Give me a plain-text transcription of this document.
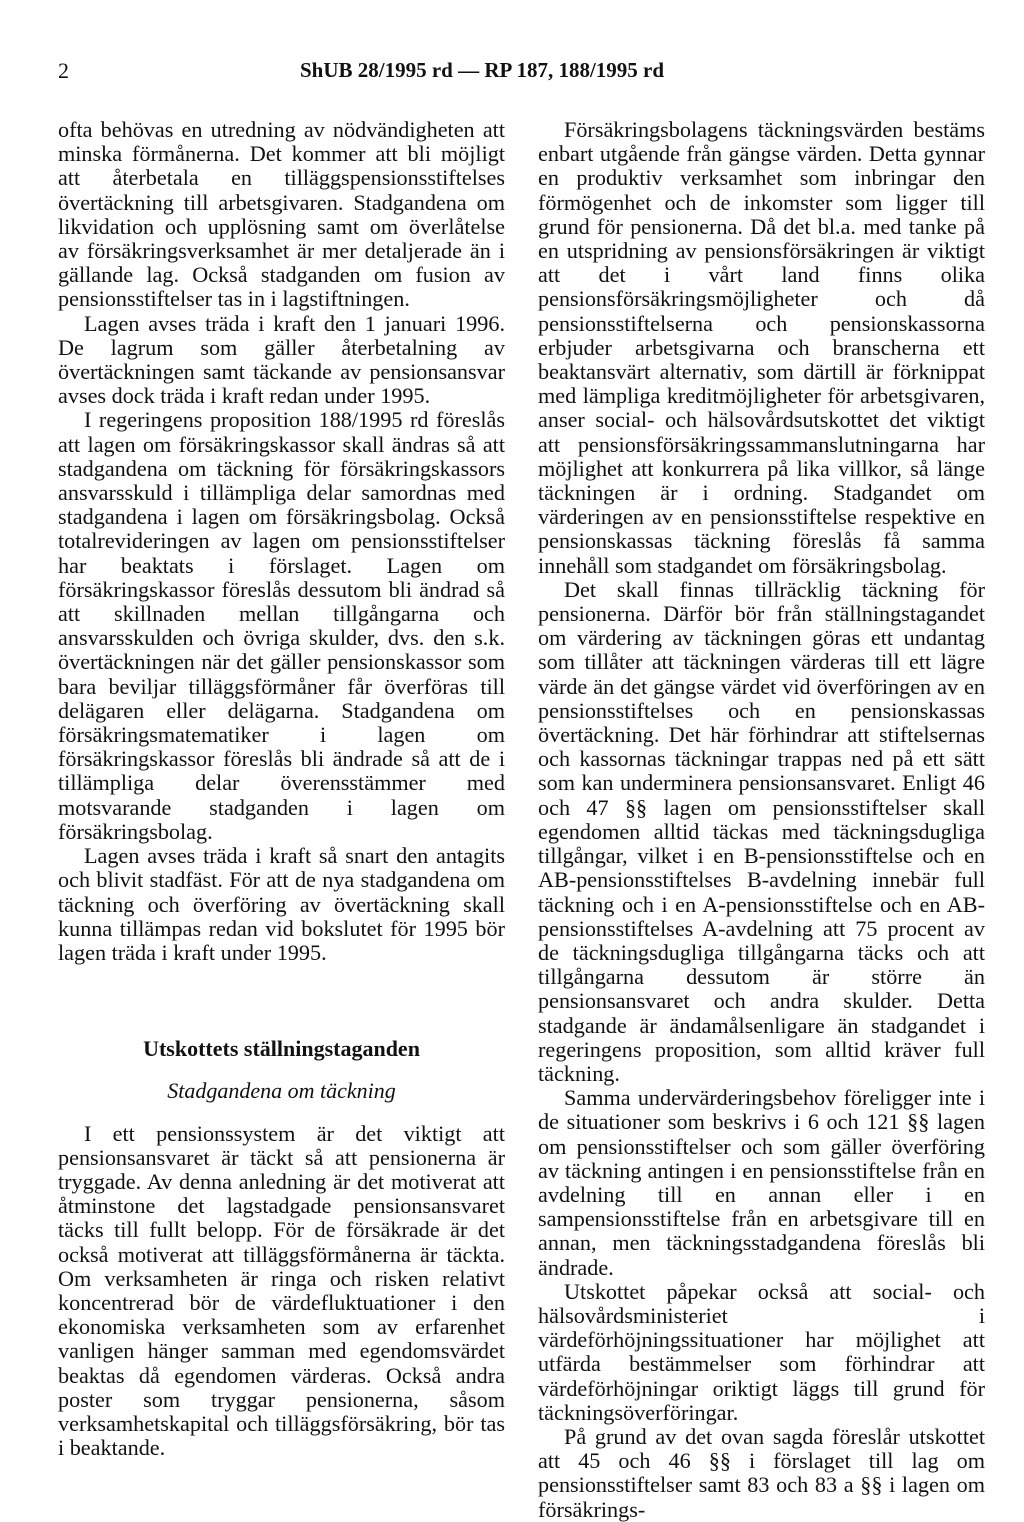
2	ShUB 28/1995 rd — RP 187, 188/1995 rd

ofta behövas en utredning av nödvändigheten att minska förmånerna. Det kommer att bli möjligt att återbetala en tilläggspensionsstiftelses övertäckning till arbetsgivaren. Stadgandena om likvidation och upplösning samt om överlåtelse av försäkringsverksamhet är mer detaljerade än i gällande lag. Också stadganden om fusion av pensionsstiftelser tas in i lagstiftningen.

Lagen avses träda i kraft den 1 januari 1996. De lagrum som gäller återbetalning av övertäckningen samt täckande av pensionsansvar avses dock träda i kraft redan under 1995.

I regeringens proposition 188/1995 rd föreslås att lagen om försäkringskassor skall ändras så att stadgandena om täckning för försäkringskassors ansvarsskuld i tillämpliga delar samordnas med stadgandena i lagen om försäkringsbolag. Också totalrevideringen av lagen om pensionsstiftelser har beaktats i förslaget. Lagen om försäkringskassor föreslås dessutom bli ändrad så att skillnaden mellan tillgångarna och ansvarsskulden och övriga skulder, dvs. den s.k. övertäckningen när det gäller pensionskassor som bara beviljar tilläggsförmåner får överföras till delägaren eller delägarna. Stadgandena om försäkringsmatematiker i lagen om försäkringskassor föreslås bli ändrade så att de i tillämpliga delar överensstämmer med motsvarande stadganden i lagen om försäkringsbolag.

Lagen avses träda i kraft så snart den antagits och blivit stadfäst. För att de nya stadgandena om täckning och överföring av övertäckning skall kunna tillämpas redan vid bokslutet för 1995 bör lagen träda i kraft under 1995.

Utskottets ställningstaganden
Stadgandena om täckning

I ett pensionssystem är det viktigt att pensionsansvaret är täckt så att pensionerna är tryggade. Av denna anledning är det motiverat att åtminstone det lagstadgade pensionsansvaret täcks till fullt belopp. För de försäkrade är det också motiverat att tilläggsförmånerna är täckta. Om verksamheten är ringa och risken relativt koncentrerad bör de värdefluktuationer i den ekonomiska verksamheten som av erfarenhet vanligen hänger samman med egendomsvärdet beaktas då egendomen värderas. Också andra poster som tryggar pensionerna, såsom verksamhetskapital och tilläggsförsäkring, bör tas i beaktande.

Försäkringsbolagens täckningsvärden bestäms enbart utgående från gängse värden. Detta gynnar en produktiv verksamhet som inbringar den förmögenhet och de inkomster som ligger till grund för pensionerna. Då det bl.a. med tanke på en utspridning av pensionsförsäkringen är viktigt att det i vårt land finns olika pensionsförsäkringsmöjligheter och då pensionsstiftelserna och pensionskassorna erbjuder arbetsgivarna och branscherna ett beaktansvärt alternativ, som därtill är förknippat med lämpliga kreditmöjligheter för arbetsgivaren, anser social- och hälsovårdsutskottet det viktigt att pensionsförsäkringssammanslutningarna har möjlighet att konkurrera på lika villkor, så länge täckningen är i ordning. Stadgandet om värderingen av en pensionsstiftelse respektive en pensionskassas täckning föreslås få samma innehåll som stadgandet om försäkringsbolag.

Det skall finnas tillräcklig täckning för pensionerna. Därför bör från ställningstagandet om värdering av täckningen göras ett undantag som tillåter att täckningen värderas till ett lägre värde än det gängse värdet vid överföringen av en pensionsstiftelses och en pensionskassas övertäckning. Det här förhindrar att stiftelsernas och kassornas täckningar trappas ned på ett sätt som kan underminera pensionsansvaret. Enligt 46 och 47 §§ lagen om pensionsstiftelser skall egendomen alltid täckas med täckningsdugliga tillgångar, vilket i en B-pensionsstiftelse och en AB-pensionsstiftelses B-avdelning innebär full täckning och i en A-pensionsstiftelse och en AB-pensionsstiftelses A-avdelning att 75 procent av de täckningsdugliga tillgångarna täcks och att tillgångarna dessutom är större än pensionsansvaret och andra skulder. Detta stadgande är ändamålsenligare än stadgandet i regeringens proposition, som alltid kräver full täckning.

Samma undervärderingsbehov föreligger inte i de situationer som beskrivs i 6 och 121 §§ lagen om pensionsstiftelser och som gäller överföring av täckning antingen i en pensionsstiftelse från en avdelning till en annan eller i en sampensionsstiftelse från en arbetsgivare till en annan, men täckningsstadgandena föreslås bli ändrade.

Utskottet påpekar också att social- och hälsovårdsministeriet i värdeförhöjningssituationer har möjlighet att utfärda bestämmelser som förhindrar att värdeförhöjningar oriktigt läggs till grund för täckningsöverföringar.

På grund av det ovan sagda föreslår utskottet att 45 och 46 §§ i förslaget till lag om pensionsstiftelser samt 83 och 83 a §§ i lagen om försäkrings-
